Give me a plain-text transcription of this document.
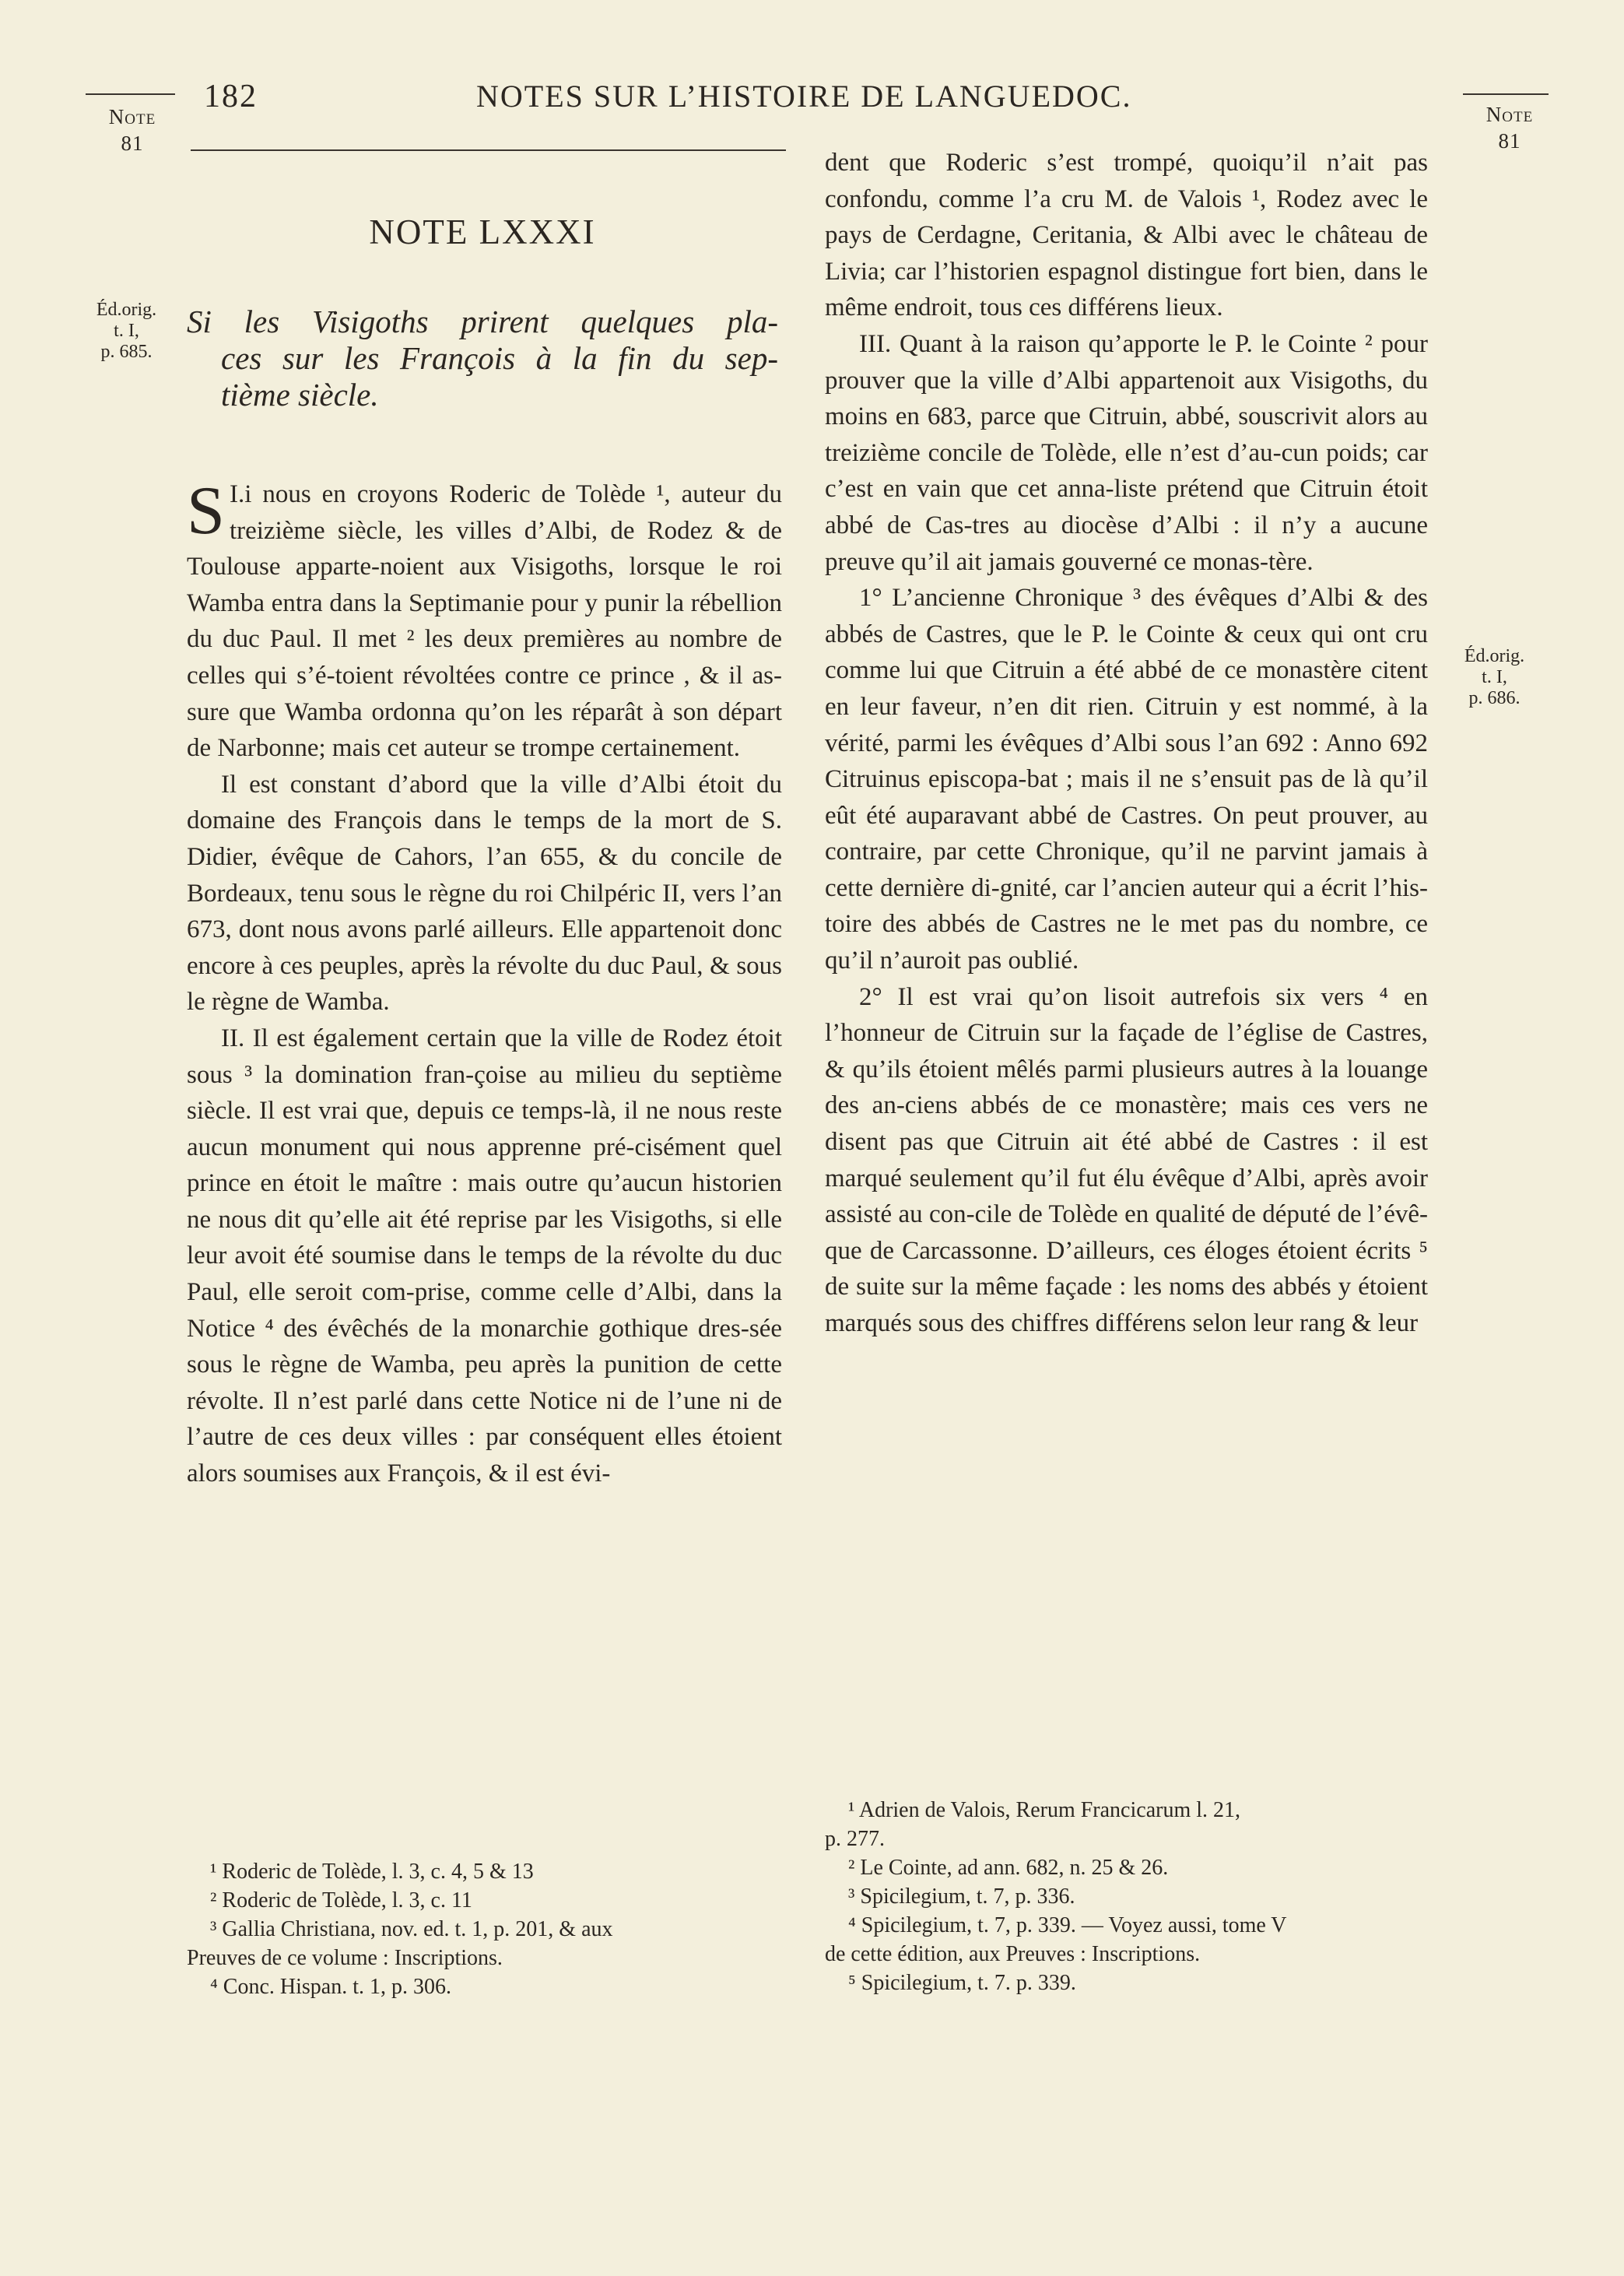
Note
81
Note
81
182	NOTES SUR L’HISTOIRE DE LANGUEDOC.
Éd.orig.
t. I,
p. 685.
Éd.orig.
t. I,
p. 686.
NOTE LXXXI

Si les Visigoths prirent quelques pla-

ces sur les François à la fin du sep-

tième siècle.

I.
S i nous en croyons Roderic de Tolède ¹, auteur du treizième siècle, les villes d’Albi, de Rodez & de Toulouse apparte-noient aux Visigoths, lorsque le roi Wamba entra dans la Septimanie pour y punir la rébellion du duc Paul. Il met ² les deux premières au nombre de celles qui s’é-toient révoltées contre ce prince , & il as-sure que Wamba ordonna qu’on les réparât à son départ de Narbonne; mais cet auteur se trompe certainement.

Il est constant d’abord que la ville d’Albi étoit du domaine des François dans le temps de la mort de S. Didier, évêque de Cahors, l’an 655, & du concile de Bordeaux, tenu sous le règne du roi Chilpéric II, vers l’an 673, dont nous avons parlé ailleurs. Elle appartenoit donc encore à ces peuples, après la révolte du duc Paul, & sous le règne de Wamba.

II. Il est également certain que la ville de Rodez étoit sous ³ la domination fran-çoise au milieu du septième siècle. Il est vrai que, depuis ce temps-là, il ne nous reste aucun monument qui nous apprenne pré-cisément quel prince en étoit le maître : mais outre qu’aucun historien ne nous dit qu’elle ait été reprise par les Visigoths, si elle leur avoit été soumise dans le temps de la révolte du duc Paul, elle seroit com-prise, comme celle d’Albi, dans la Notice ⁴ des évêchés de la monarchie gothique dres-sée sous le règne de Wamba, peu après la punition de cette révolte. Il n’est parlé dans cette Notice ni de l’une ni de l’autre de ces deux villes : par conséquent elles étoient alors soumises aux François, & il est évi-

dent que Roderic s’est trompé, quoiqu’il n’ait pas confondu, comme l’a cru M. de Valois ¹, Rodez avec le pays de Cerdagne, Ceritania, & Albi avec le château de Livia; car l’historien espagnol distingue fort bien, dans le même endroit, tous ces différens lieux.

III. Quant à la raison qu’apporte le P. le Cointe ² pour prouver que la ville d’Albi appartenoit aux Visigoths, du moins en 683, parce que Citruin, abbé, souscrivit alors au treizième concile de Tolède, elle n’est d’au-cun poids; car c’est en vain que cet anna-liste prétend que Citruin étoit abbé de Cas-tres au diocèse d’Albi : il n’y a aucune preuve qu’il ait jamais gouverné ce monas-tère.

1° L’ancienne Chronique ³ des évêques d’Albi & des abbés de Castres, que le P. le Cointe & ceux qui ont cru comme lui que Citruin a été abbé de ce monastère citent en leur faveur, n’en dit rien. Citruin y est nommé, à la vérité, parmi les évêques d’Albi sous l’an 692 : Anno 692 Citruinus episcopa-bat ; mais il ne s’ensuit pas de là qu’il eût été auparavant abbé de Castres. On peut prouver, au contraire, par cette Chronique, qu’il ne parvint jamais à cette dernière di-gnité, car l’ancien auteur qui a écrit l’his-toire des abbés de Castres ne le met pas du nombre, ce qu’il n’auroit pas oublié.

2° Il est vrai qu’on lisoit autrefois six vers ⁴ en l’honneur de Citruin sur la façade de l’église de Castres, & qu’ils étoient mêlés parmi plusieurs autres à la louange des an-ciens abbés de ce monastère; mais ces vers ne disent pas que Citruin ait été abbé de Castres : il est marqué seulement qu’il fut élu évêque d’Albi, après avoir assisté au con-cile de Tolède en qualité de député de l’évê-que de Carcassonne. D’ailleurs, ces éloges étoient écrits ⁵ de suite sur la même façade : les noms des abbés y étoient marqués sous des chiffres différens selon leur rang & leur

¹ Roderic de Tolède, l. 3, c. 4, 5 & 13

² Roderic de Tolède, l. 3, c. 11

³ Gallia Christiana, nov. ed. t. 1, p. 201, & aux

Preuves de ce volume : Inscriptions.

⁴ Conc. Hispan. t. 1, p. 306.

¹ Adrien de Valois, Rerum Francicarum l. 21,

p. 277.

² Le Cointe, ad ann. 682, n. 25 & 26.

³ Spicilegium, t. 7, p. 336.

⁴ Spicilegium, t. 7, p. 339. — Voyez aussi, tome V

de cette édition, aux Preuves : Inscriptions.

⁵ Spicilegium, t. 7. p. 339.
